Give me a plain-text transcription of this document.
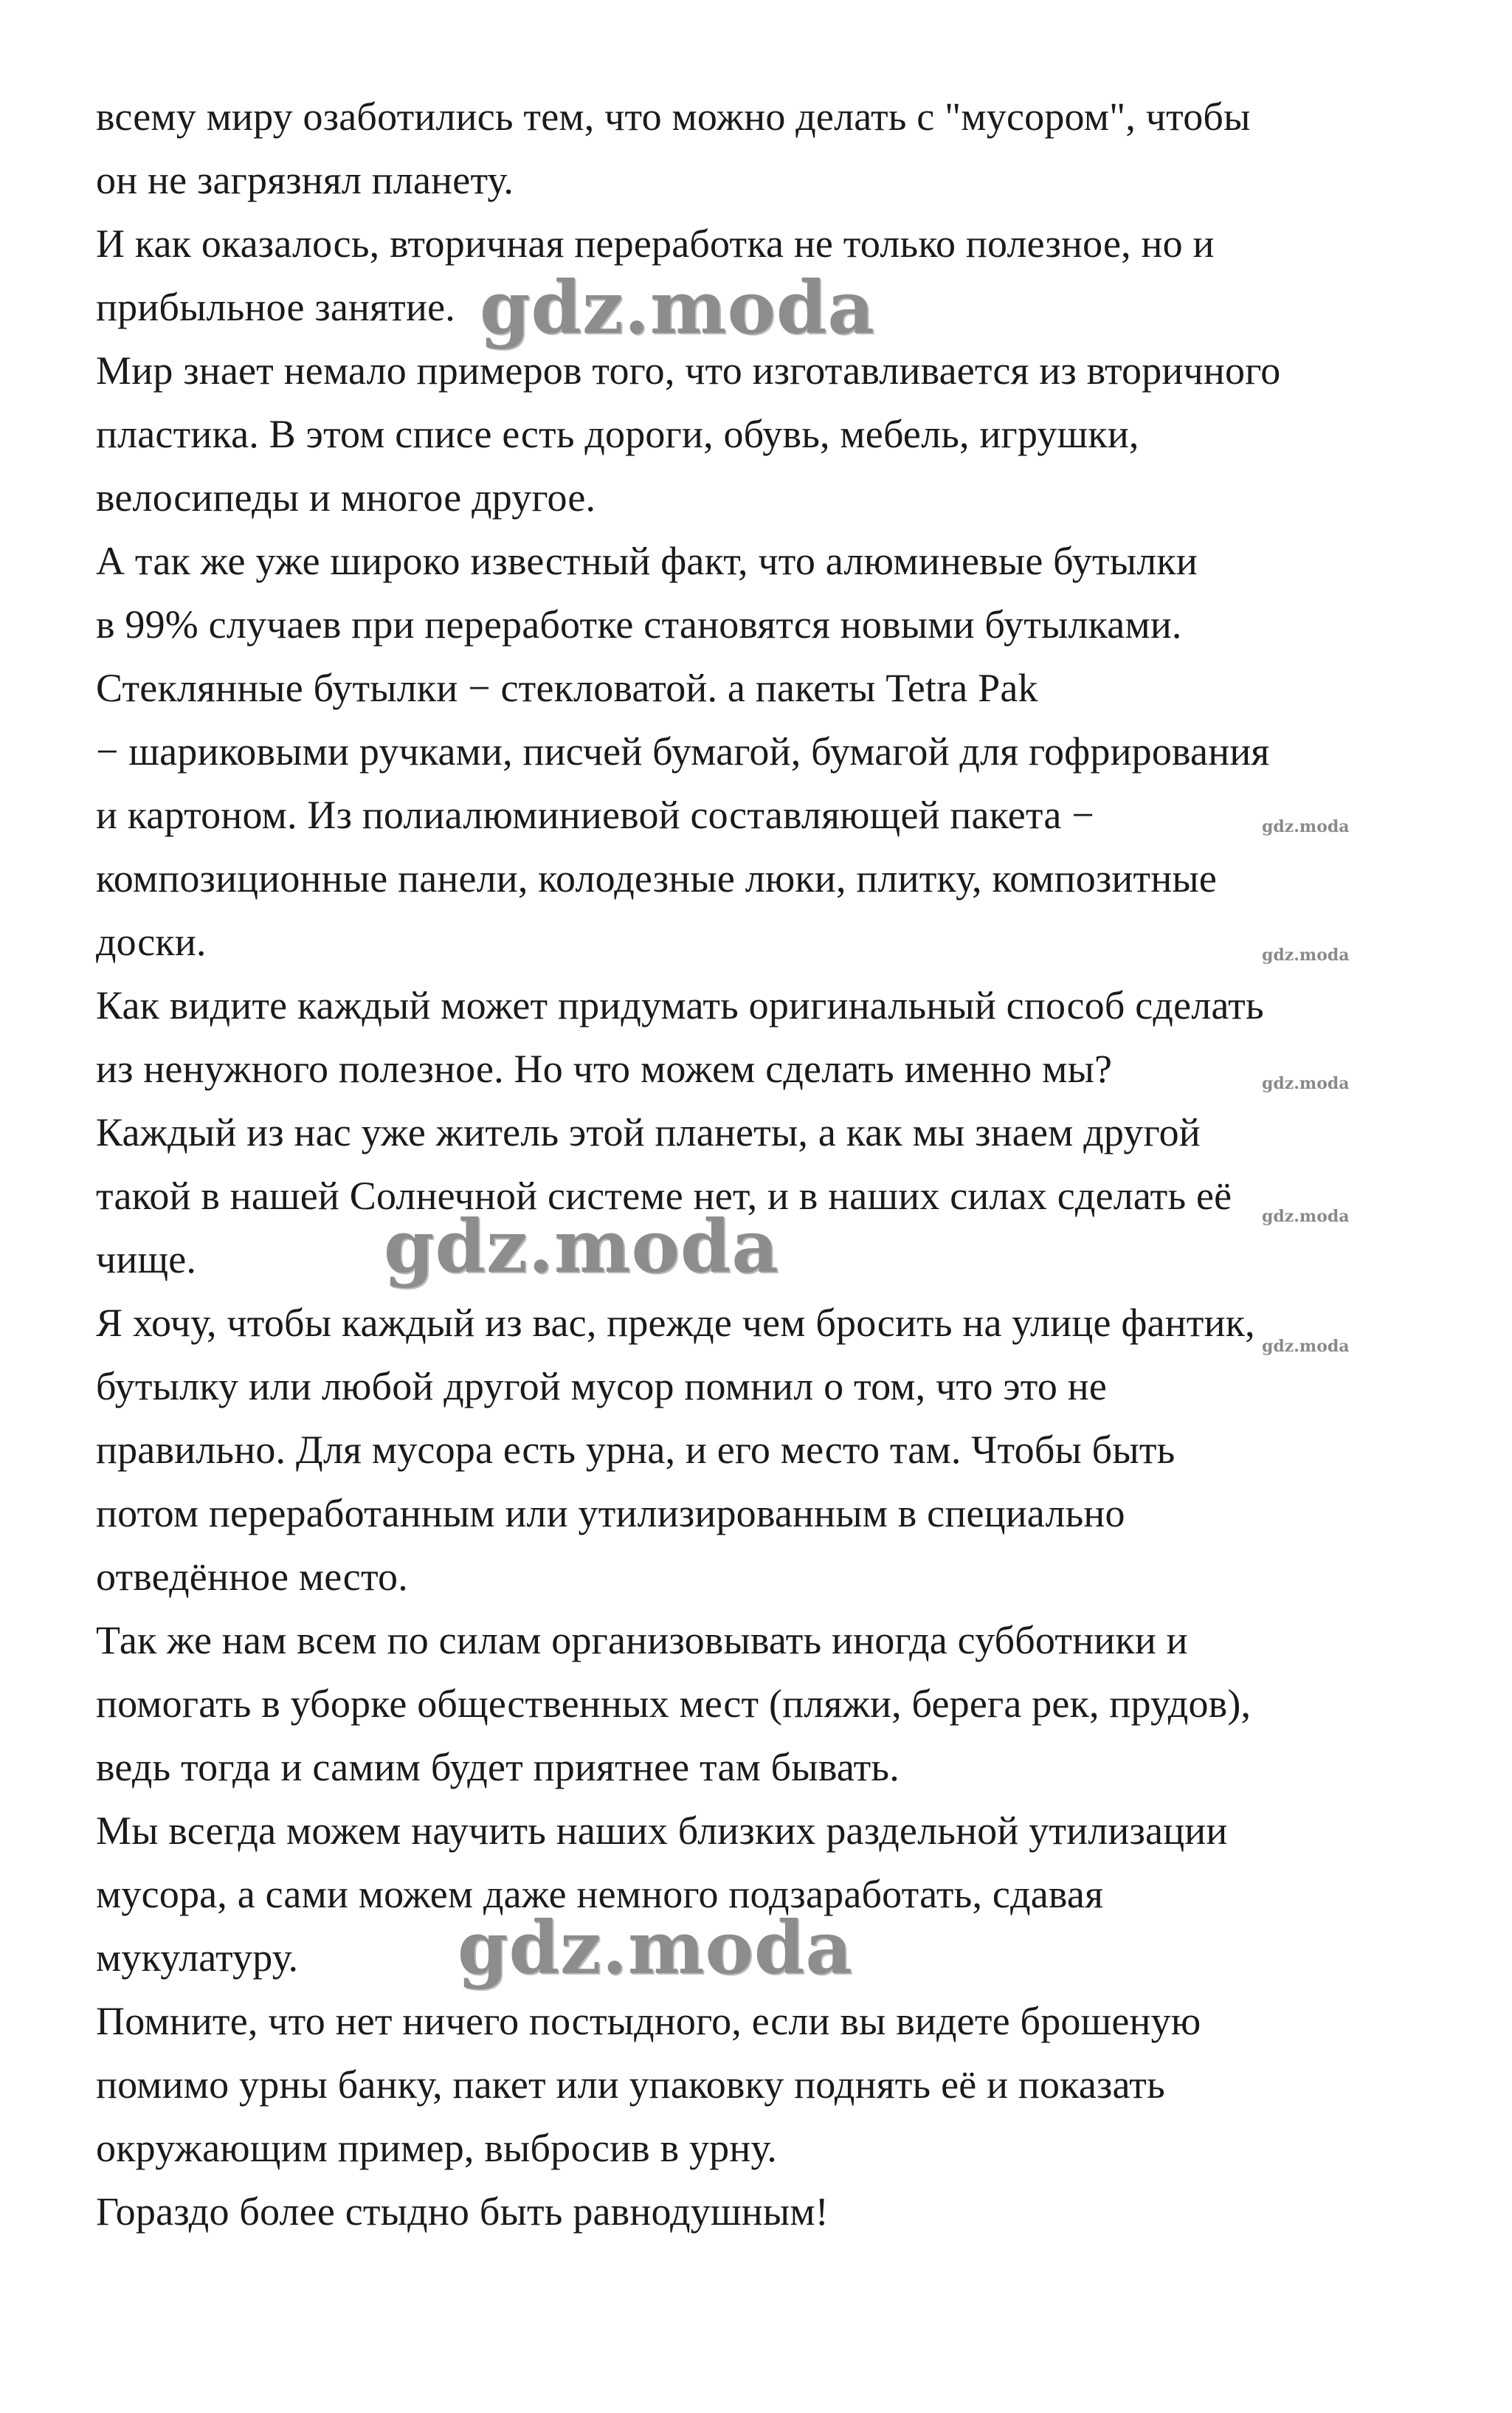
всему миру озаботились тем, что можно делать с "мусором", чтобы
он не загрязнял планету.
И как оказалось, вторичная переработка не только полезное, но и
прибыльное занятие.
Мир знает немало примеров того, что изготавливается из вторичного
пластика. В этом списе есть дороги, обувь, мебель, игрушки,
велосипеды и многое другое.
А так же уже широко известный факт, что алюминевые бутылки
в 99% случаев при переработке становятся новыми бутылками.
Стеклянные бутылки − стекловатой. а пакеты Tetra Pak
− шариковыми ручками, писчей бумагой, бумагой для гофрирования
и картоном. Из полиалюминиевой составляющей пакета −
композиционные панели, колодезные люки, плитку, композитные
доски.
Как видите каждый может придумать оригинальный способ сделать
из ненужного полезное. Но что можем сделать именно мы?
Каждый из нас уже житель этой планеты, а как мы знаем другой
такой в нашей Солнечной системе нет, и в наших силах сделать её
чище.
Я хочу, чтобы каждый из вас, прежде чем бросить на улице фантик,
бутылку или любой другой мусор помнил о том, что это не
правильно. Для мусора есть урна, и его место там. Чтобы быть
потом переработанным или утилизированным в специально
отведённое место.
Так же нам всем по силам организовывать иногда субботники и
помогать в уборке общественных мест (пляжи, берега рек, прудов),
ведь тогда и самим будет приятнее там бывать.
Мы всегда можем научить наших близких раздельной утилизации
мусора, а сами можем даже немного подзаработать, сдавая
мукулатуру.
Помните, что нет ничего постыдного, если вы видете брошеную
помимо урны банку, пакет или упаковку поднять её и показать
окружающим пример, выбросив в урну.
Гораздо более стыдно быть равнодушным!
gdz.moda
gdz.moda
gdz.moda
gdz.moda
gdz.moda
gdz.moda
gdz.moda
gdz.moda
